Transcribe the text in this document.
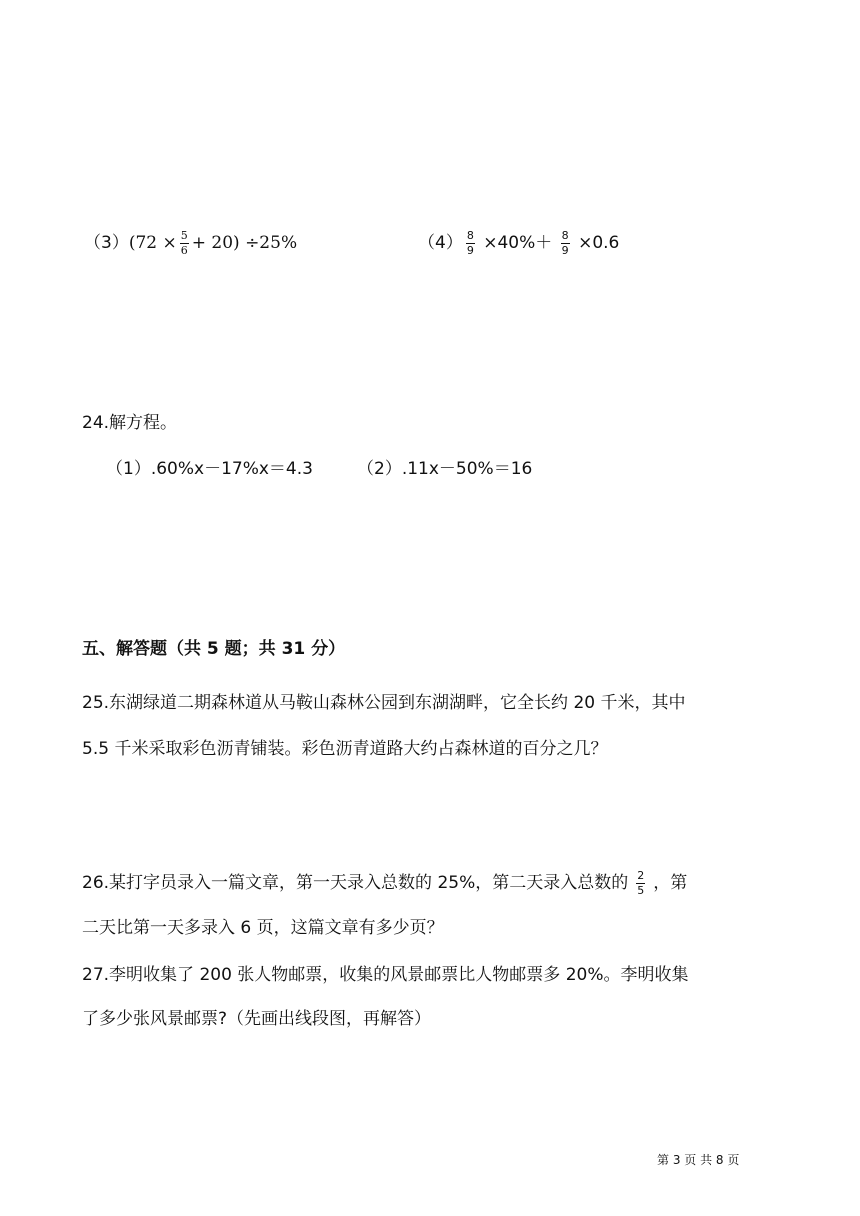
$(3)(72 \times \frac{5}{6} + 20) \div 25\%$	$(4) \frac{8}{9} \times 40\%+ \frac{8}{9} \times 0.6$
24.解方程。
（1）.60%x－17%x＝4.3	（2）.11x－50%＝16
五、解答题（共 5 题；共 31 分）
25.东湖绿道二期森林道从马鞍山森林公园到东湖湖畔，它全长约 20 千米，其中
5.5 千米采取彩色沥青铺装。彩色沥青道路大约占森林道的百分之几？
26.某打字员录入一篇文章，第一天录入总数的 25%，第二天录入总数的 $\frac{2}{5}$ ，第
二天比第一天多录入 6 页，这篇文章有多少页？
27.李明收集了 200 张人物邮票，收集的风景邮票比人物邮票多 20%。李明收集
了多少张风景邮票?（先画出线段图，再解答）
第 3 页 共 8 页
